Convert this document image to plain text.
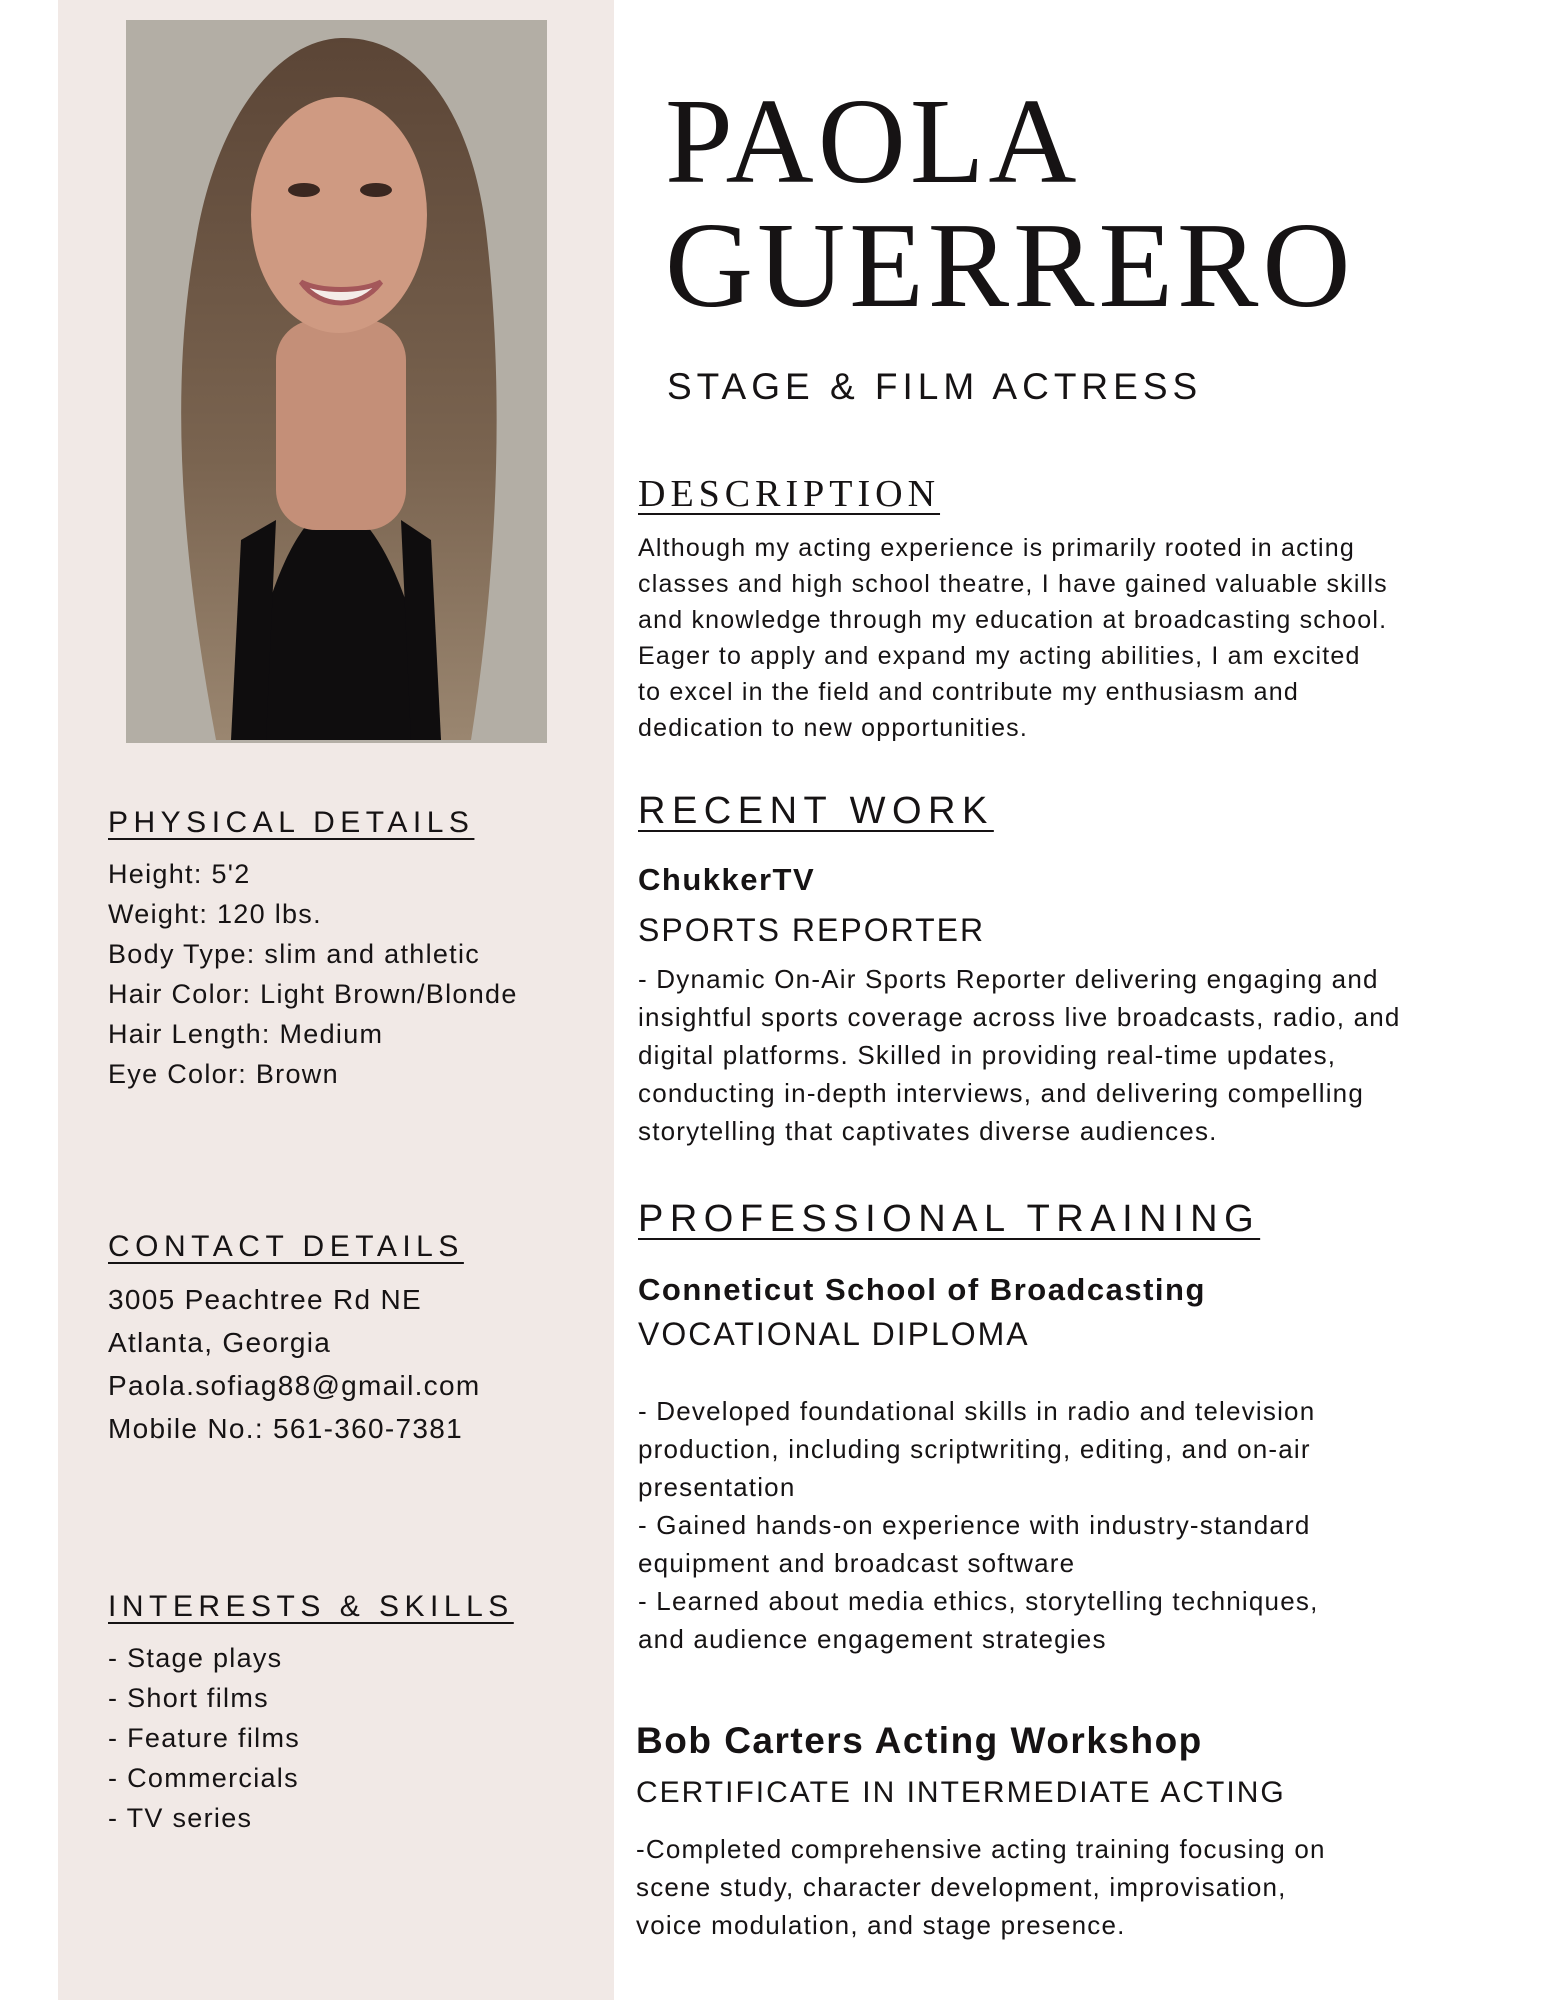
PHYSICAL DETAILS
Height: 5'2
Weight: 120 lbs.
Body Type: slim and athletic
Hair Color: Light Brown/Blonde
Hair Length: Medium
Eye Color: Brown
CONTACT DETAILS
3005 Peachtree Rd NE
Atlanta, Georgia
Paola.sofiag88@gmail.com
Mobile No.: 561-360-7381
INTERESTS & SKILLS
- Stage plays
- Short films
- Feature films
- Commercials
- TV series
PAOLA
GUERRERO
STAGE & FILM ACTRESS
DESCRIPTION
Although my acting experience is primarily rooted in acting
classes and high school theatre, I have gained valuable skills
and knowledge through my education at broadcasting school.
Eager to apply and expand my acting abilities, I am excited
to excel in the field and contribute my enthusiasm and
dedication to new opportunities.
RECENT WORK
ChukkerTV
SPORTS REPORTER
- Dynamic On-Air Sports Reporter delivering engaging and
insightful sports coverage across live broadcasts, radio, and
digital platforms. Skilled in providing real-time updates,
conducting in-depth interviews, and delivering compelling
storytelling that captivates diverse audiences.
PROFESSIONAL TRAINING
Conneticut School of Broadcasting
VOCATIONAL DIPLOMA
- Developed foundational skills in radio and television
production, including scriptwriting, editing, and on-air
presentation
- Gained hands-on experience with industry-standard
equipment and broadcast software
- Learned about media ethics, storytelling techniques,
and audience engagement strategies
Bob Carters Acting Workshop
CERTIFICATE IN INTERMEDIATE ACTING
-Completed comprehensive acting training focusing on
scene study, character development, improvisation,
voice modulation, and stage presence.
